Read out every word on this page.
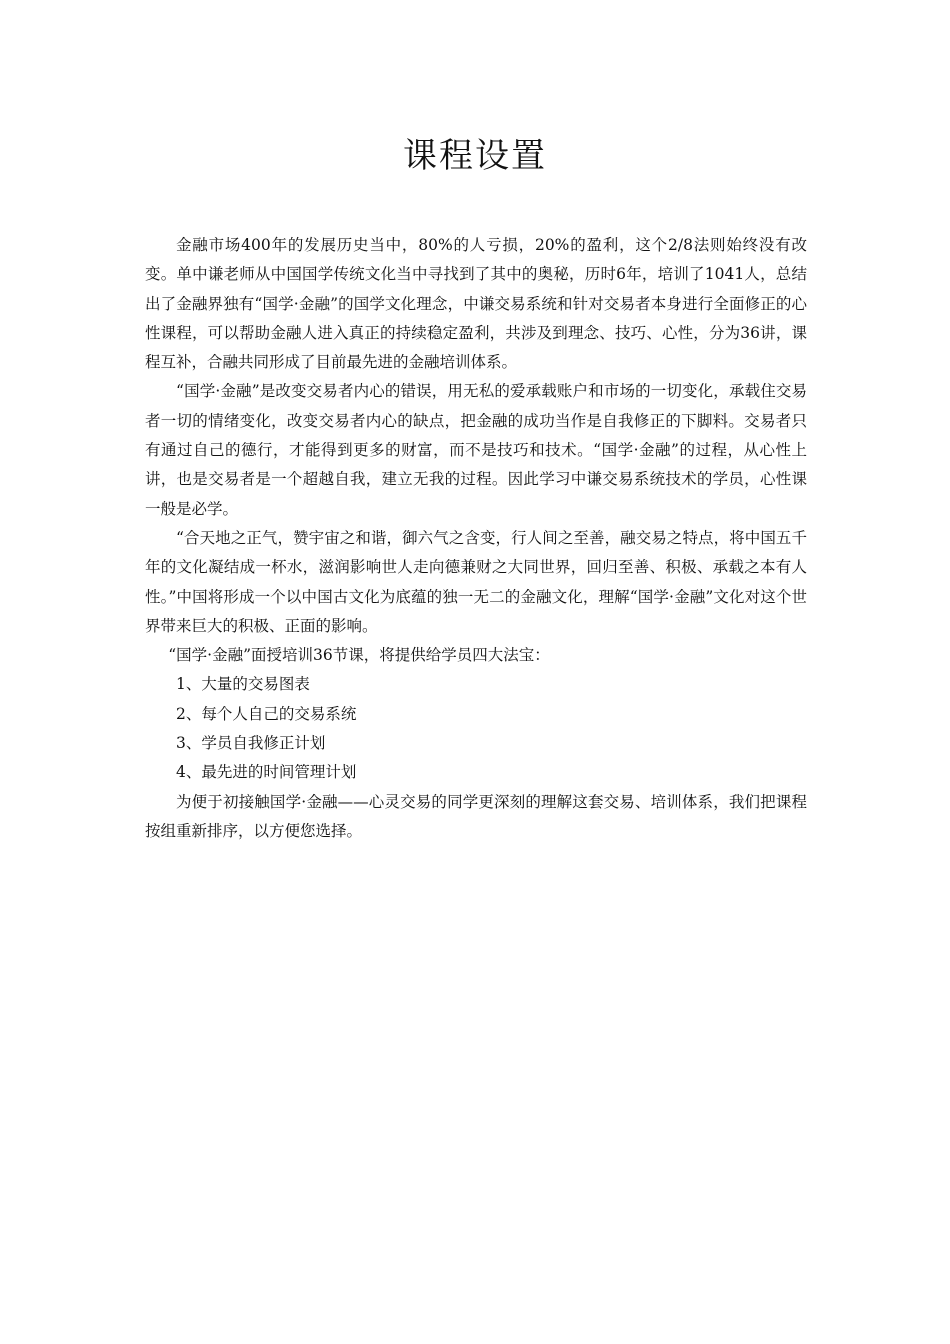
课程设置

金融市场400年的发展历史当中，80%的人亏损，20%的盈利，这个2/8法则始终没有改变。单中谦老师从中国国学传统文化当中寻找到了其中的奥秘，历时6年，培训了1041人，总结出了金融界独有“国学·金融”的国学文化理念，中谦交易系统和针对交易者本身进行全面修正的心性课程，可以帮助金融人进入真正的持续稳定盈利，共涉及到理念、技巧、心性，分为36讲，课程互补，合融共同形成了目前最先进的金融培训体系。

“国学·金融”是改变交易者内心的错误，用无私的爱承载账户和市场的一切变化，承载住交易者一切的情绪变化，改变交易者内心的缺点，把金融的成功当作是自我修正的下脚料。交易者只有通过自己的德行，才能得到更多的财富，而不是技巧和技术。“国学·金融”的过程，从心性上讲，也是交易者是一个超越自我，建立无我的过程。因此学习中谦交易系统技术的学员，心性课一般是必学。

“合天地之正气，赞宇宙之和谐，御六气之含变，行人间之至善，融交易之特点，将中国五千年的文化凝结成一杯水，滋润影响世人走向德兼财之大同世界，回归至善、积极、承载之本有人性。”中国将形成一个以中国古文化为底蕴的独一无二的金融文化，理解“国学·金融”文化对这个世界带来巨大的积极、正面的影响。

“国学·金融”面授培训36节课，将提供给学员四大法宝：

1、大量的交易图表
2、每个人自己的交易系统
3、学员自我修正计划
4、最先进的时间管理计划

为便于初接触国学·金融——心灵交易的同学更深刻的理解这套交易、培训体系，我们把课程按组重新排序，以方便您选择。
